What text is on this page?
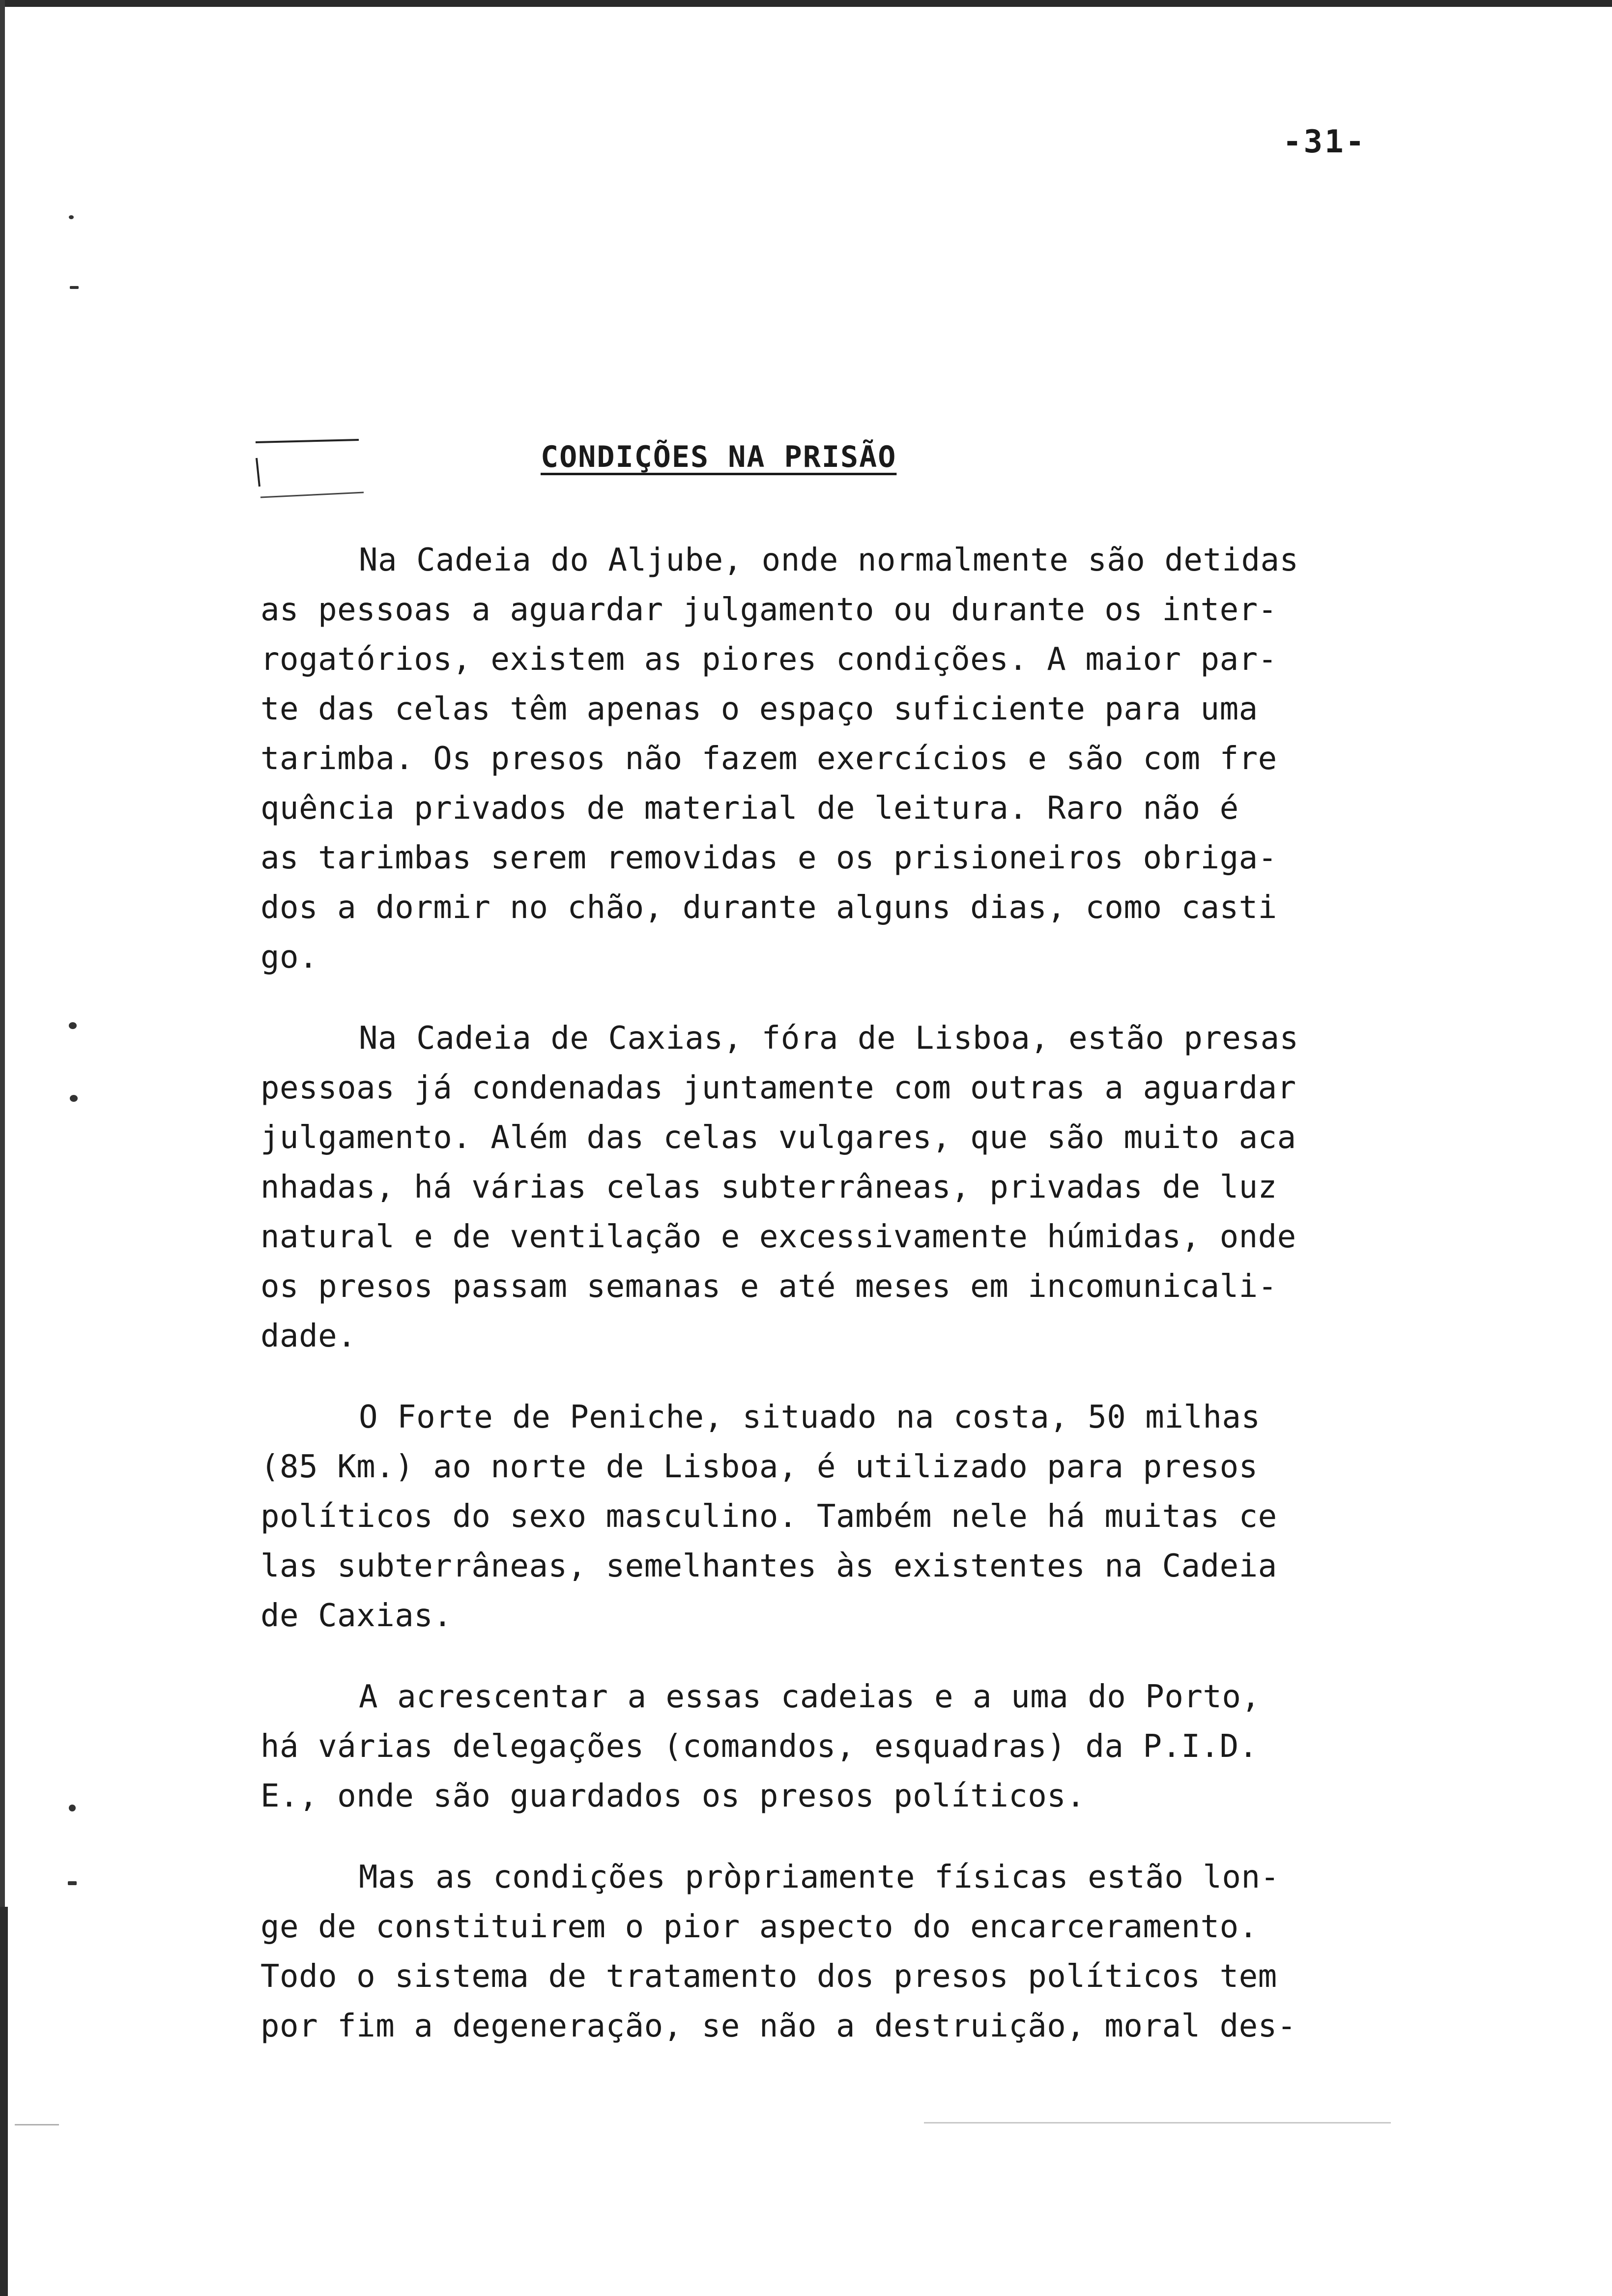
-31-
CONDIÇÕES NA PRISÃO
Na Cadeia do Aljube, onde normalmente são detidas
as pessoas a aguardar julgamento ou durante os inter-
rogatórios, existem as piores condições. A maior par-
te das celas têm apenas o espaço suficiente para uma
tarimba. Os presos não fazem exercícios e são com fre
quência privados de material de leitura. Raro não é
as tarimbas serem removidas e os prisioneiros obriga-
dos a dormir no chão, durante alguns dias, como casti
go.
Na Cadeia de Caxias, fóra de Lisboa, estão presas
pessoas já condenadas juntamente com outras a aguardar
julgamento. Além das celas vulgares, que são muito aca
nhadas, há várias celas subterrâneas, privadas de luz
natural e de ventilação e excessivamente húmidas, onde
os presos passam semanas e até meses em incomunicali-
dade.
O Forte de Peniche, situado na costa, 50 milhas
(85 Km.) ao norte de Lisboa, é utilizado para presos
políticos do sexo masculino. Também nele há muitas ce
las subterrâneas, semelhantes às existentes na Cadeia
de Caxias.
A acrescentar a essas cadeias e a uma do Porto,
há várias delegações (comandos, esquadras) da P.I.D.
E., onde são guardados os presos políticos.
Mas as condições pròpriamente físicas estão lon-
ge de constituirem o pior aspecto do encarceramento.
Todo o sistema de tratamento dos presos políticos tem
por fim a degeneração, se não a destruição, moral des-
